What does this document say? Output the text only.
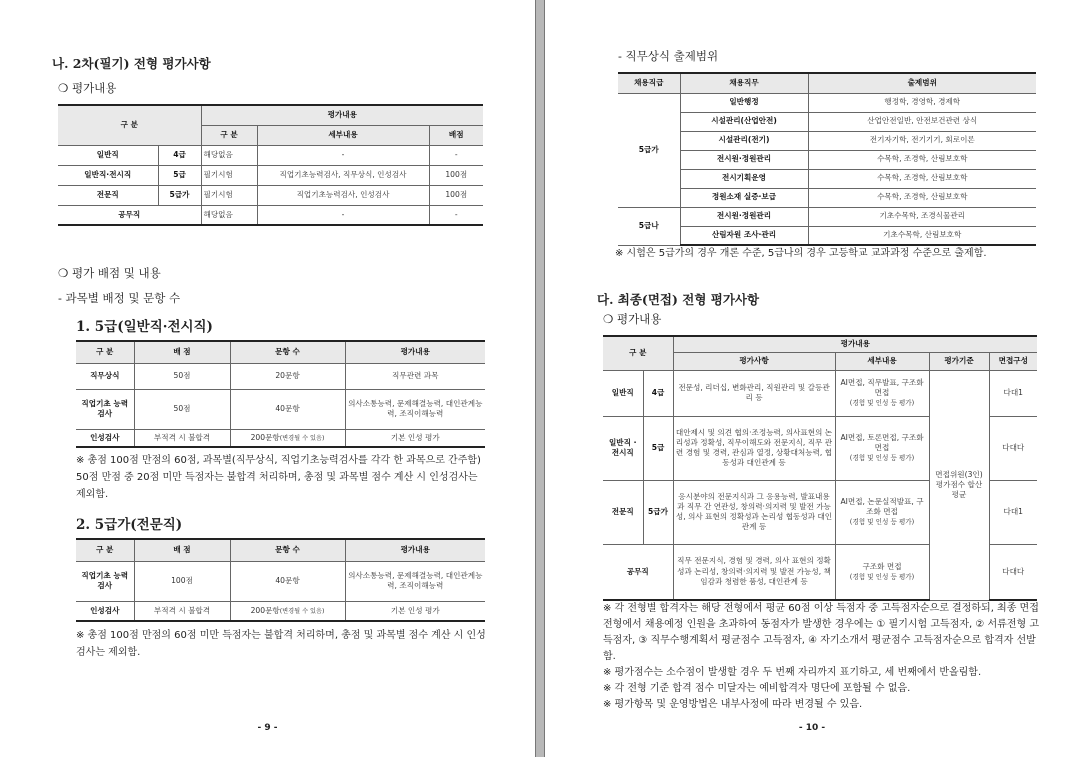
나. 2차(필기) 전형 평가사항
❍ 평가내용
구 분		평가내용		
		구 분	세부내용	배점
일반직	4급	해당없음	-	-
일반직·전시직	5급	필기시험	직업기초능력검사, 직무상식, 인성검사	100점
전문직	5급가	필기시험	직업기초능력검사, 인성검사	100점
공무직		해당없음	-	-
❍ 평가 배점 및 내용
- 과목별 배정 및 문항 수
1. 5급(일반직·전시직)
구 분	배 점	문항 수	평가내용
직무상식	50점	20문항	직무관련 과목
직업기초 능력검사	50점	40문항	의사소통능력, 문제해결능력, 대인관계능력, 조직이해능력
인성검사	부적격 시 불합격	200문항(변경될 수 있음)	기본 인성 평가
※ 총점 100점 만점의 60점, 과목별(직무상식, 직업기초능력검사를 각각 한 과목으로 간주함) 50점 만점 중 20점 미만 득점자는 불합격 처리하며, 총점 및 과목별 점수 계산 시 인성검사는 제외함.
2. 5급가(전문직)
구 분	배 점	문항 수	평가내용
직업기초 능력검사	100점	40문항	의사소통능력, 문제해결능력, 대인관계능력, 조직이해능력
인성검사	부적격 시 불합격	200문항(변경될 수 있음)	기본 인성 평가
※ 총점 100점 만점의 60점 미만 득점자는 불합격 처리하며, 총점 및 과목별 점수 계산 시 인성검사는 제외함.
- 9 -
- 직무상식 출제범위
채용직급	채용직무	출제범위
5급가	일반행정	행정학, 경영학, 경제학
	시설관리(산업안전)	산업안전일반, 안전보건관련 상식
	시설관리(전기)	전기자기학, 전기기기, 회로이론
	전시원·정원관리	수목학, 조경학, 산림보호학
	전시기획운영	수목학, 조경학, 산림보호학
	정원소재 실증·보급	수목학, 조경학, 산림보호학
5급나	전시원·정원관리	기초수목학, 조경식물관리
	산림자원 조사·관리	기초수목학, 산림보호학
※ 시험은 5급가의 경우 개론 수준, 5급나의 경우 고등학교 교과과정 수준으로 출제함.
다. 최종(면접) 전형 평가사항
❍ 평가내용
구 분		평가내용			
		평가사항	세부내용	평가기준	면접구성
일반직	4급	전문성, 리더십, 변화관리, 직원관리 및 갈등관리 등	AI면접, 직무발표, 구조화 면접
(경험 및 인성 등 평가)	면접위원(3인) 평가점수 합산 평균	다대1
일반직 · 전시직	5급	대안제시 및 의견 협의·조정능력, 의사표현의 논리성과 정확성, 직무이해도와 전문지식, 직무 관련 경험 및 경력, 관심과 열정, 상황대처능력, 협동성과 대인관계 등	AI면접, 토론면접, 구조화 면접
(경험 및 인성 등 평가)		다대다
전문직	5급가	응시분야의 전문지식과 그 응용능력, 발표내용과 직무 간 연관성, 창의력·의지력 및 발전 가능성, 의사 표현의 정확성과 논리성 협동성과 대인관계 등	AI면접, 논문실적발표, 구조화 면접
(경험 및 인성 등 평가)		다대1
공무직		직무 전문지식, 경험 및 경력, 의사 표현의 정확성과 논리성, 창의력·의지력 및 발전 가능성, 책임감과 청렴한 품성, 대인관계 등	구조화 면접
(경험 및 인성 등 평가)		다대다
※ 각 전형별 합격자는 해당 전형에서 평균 60점 이상 득점자 중 고득점자순으로 결정하되, 최종 면접전형에서 채용예정 인원을 초과하여 동점자가 발생한 경우에는 ① 필기시험 고득점자, ② 서류전형 고득점자, ③ 직무수행계획서 평균점수 고득점자, ④ 자기소개서 평균점수 고득점자순으로 합격자 선발함.
※ 평가점수는 소수점이 발생할 경우 두 번째 자리까지 표기하고, 세 번째에서 반올림함.
※ 각 전형 기준 합격 점수 미달자는 예비합격자 명단에 포함될 수 없음.
※ 평가항목 및 운영방법은 내부사정에 따라 변경될 수 있음.
- 10 -
